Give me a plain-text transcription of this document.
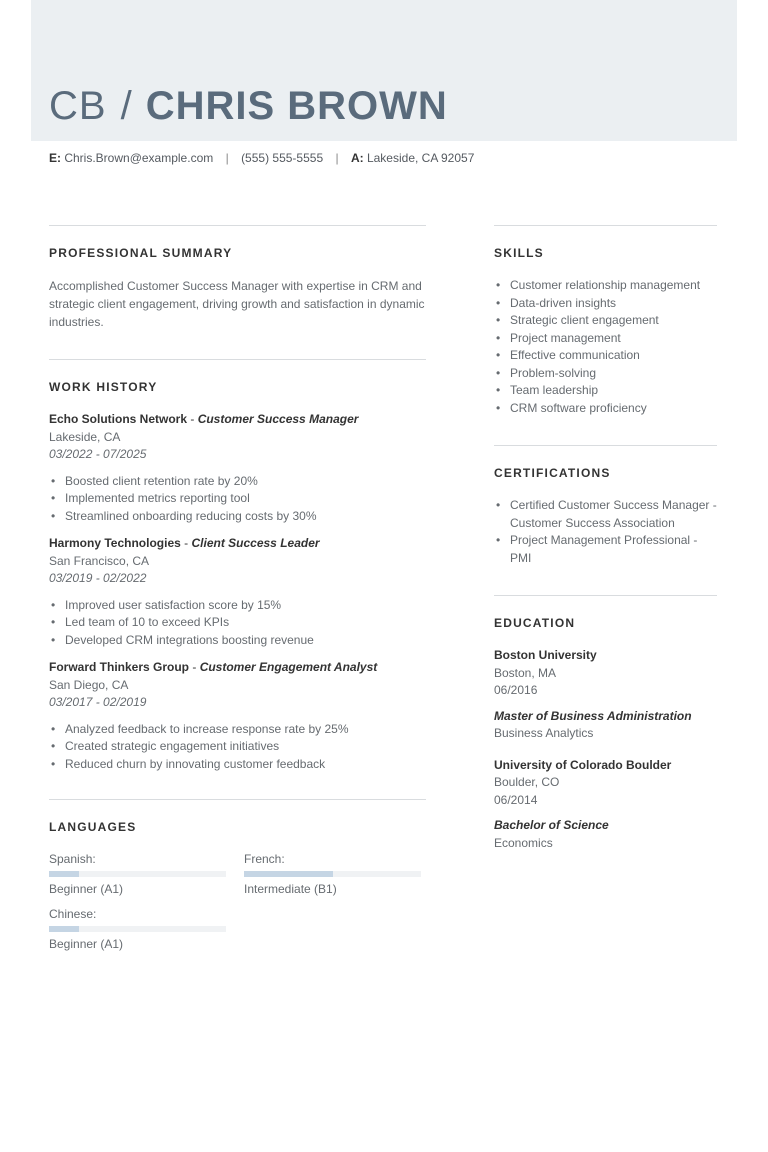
CB / CHRIS BROWN
E: Chris.Brown@example.com | (555) 555-5555 | A: Lakeside, CA 92057
PROFESSIONAL SUMMARY

Accomplished Customer Success Manager with expertise in CRM and strategic client engagement, driving growth and satisfaction in dynamic industries.

WORK HISTORY
Echo Solutions Network - Customer Success Manager
Lakeside, CA
03/2022 - 07/2025
• Boosted client retention rate by 20%
• Implemented metrics reporting tool
• Streamlined onboarding reducing costs by 30%
Harmony Technologies - Client Success Leader
San Francisco, CA
03/2019 - 02/2022
• Improved user satisfaction score by 15%
• Led team of 10 to exceed KPIs
• Developed CRM integrations boosting revenue
Forward Thinkers Group - Customer Engagement Analyst
San Diego, CA
03/2017 - 02/2019
• Analyzed feedback to increase response rate by 25%
• Created strategic engagement initiatives
• Reduced churn by innovating customer feedback
LANGUAGES
Spanish:
Beginner (A1)
French:
Intermediate (B1)
Chinese:
Beginner (A1)
SKILLS
• Customer relationship management
• Data-driven insights
• Strategic client engagement
• Project management
• Effective communication
• Problem-solving
• Team leadership
• CRM software proficiency
CERTIFICATIONS
• Certified Customer Success Manager - Customer Success Association
• Project Management Professional - PMI
EDUCATION
Boston University
Boston, MA
06/2016
Master of Business Administration
Business Analytics
University of Colorado Boulder
Boulder, CO
06/2014
Bachelor of Science
Economics
